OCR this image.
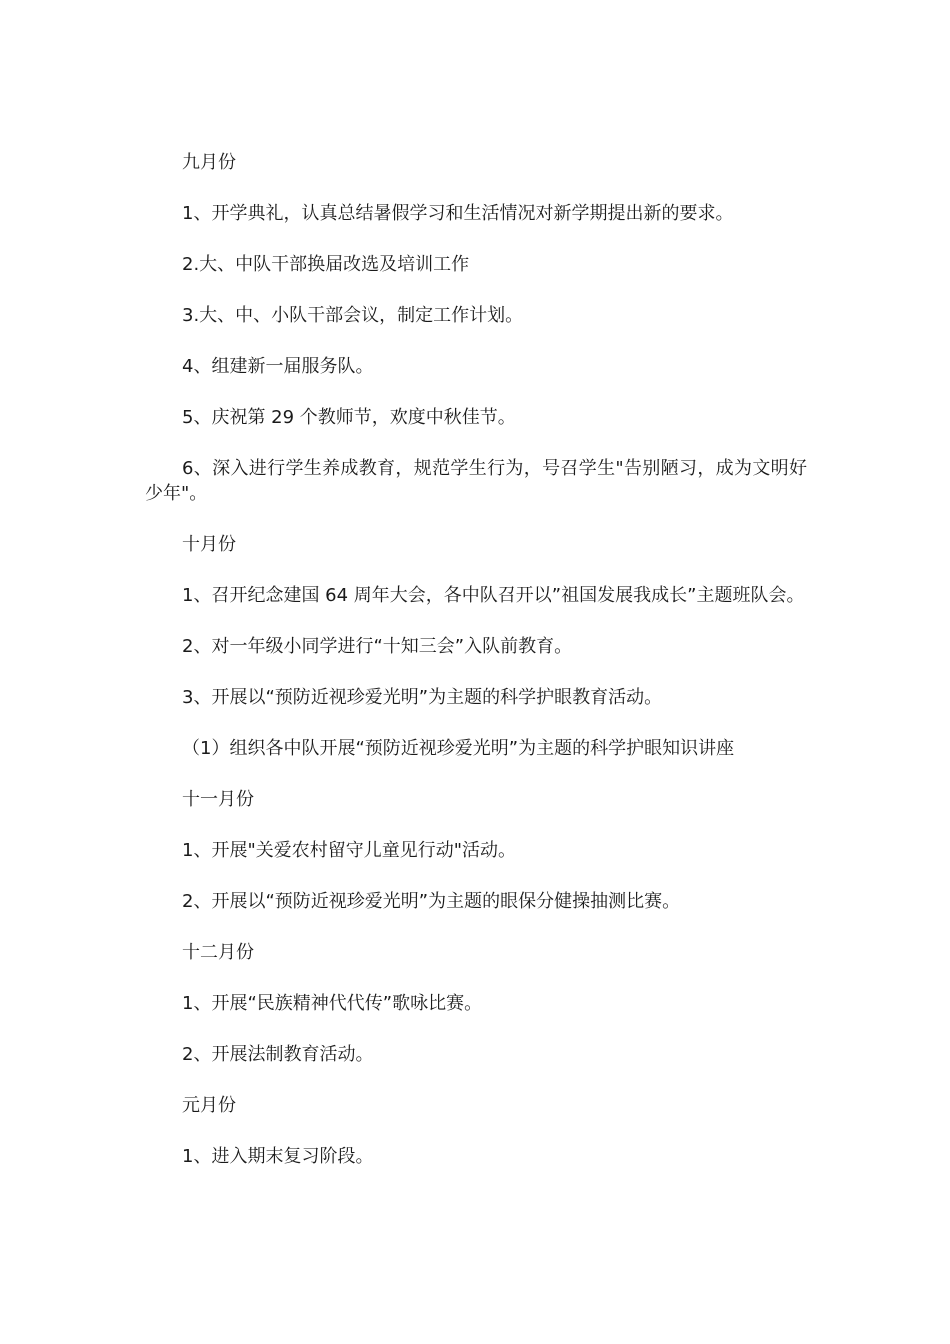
九月份

1、开学典礼，认真总结暑假学习和生活情况对新学期提出新的要求。

2.大、中队干部换届改选及培训工作

3.大、中、小队干部会议，制定工作计划。

4、组建新一届服务队。

5、庆祝第 29 个教师节，欢度中秋佳节。

6、深入进行学生养成教育，规范学生行为，号召学生"告别陋习，成为文明好少年"。

十月份

1、召开纪念建国 64 周年大会，各中队召开以”祖国发展我成长”主题班队会。

2、对一年级小同学进行“十知三会”入队前教育。

3、开展以“预防近视珍爱光明”为主题的科学护眼教育活动。

（1）组织各中队开展“预防近视珍爱光明”为主题的科学护眼知识讲座

十一月份

1、开展"关爱农村留守儿童见行动"活动。

2、开展以“预防近视珍爱光明”为主题的眼保分健操抽测比赛。

十二月份

1、开展“民族精神代代传”歌咏比赛。

2、开展法制教育活动。

元月份

1、进入期末复习阶段。
